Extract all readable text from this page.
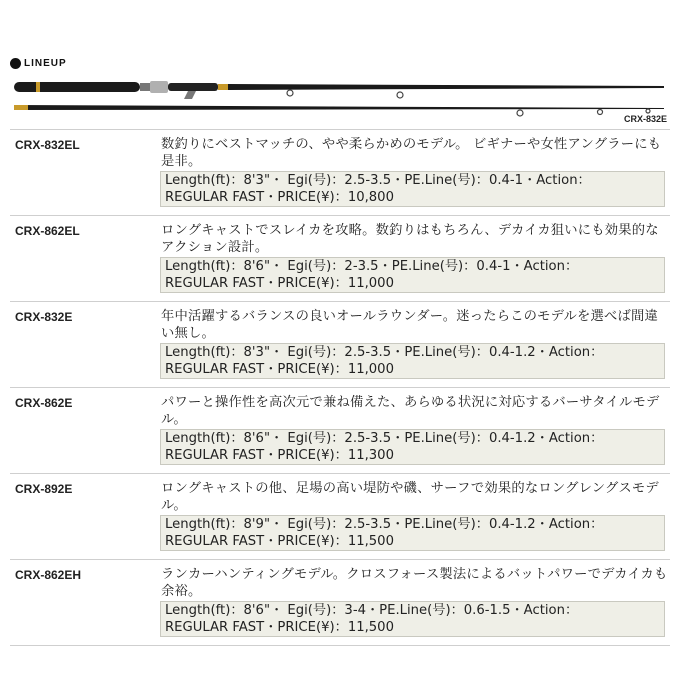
LINEUP
CRX-832E
CRX-832EL	数釣りにベストマッチの、やや柔らかめのモデル。 ビギナーや女性アングラーにも是非。
Length(ft)：8'3"・ Egi(号)：2.5-3.5・PE.Line(号)：0.4-1・Action：
REGULAR FAST・PRICE(¥)：10,800
CRX-862EL	ロングキャストでスレイカを攻略。数釣りはもちろん、デカイカ狙いにも効果的なアクション設計。
Length(ft)：8'6"・ Egi(号)：2-3.5・PE.Line(号)：0.4-1・Action：
REGULAR FAST・PRICE(¥)：11,000
CRX-832E	年中活躍するバランスの良いオールラウンダー。迷ったらこのモデルを選べば間違い無し。
Length(ft)：8'3"・ Egi(号)：2.5-3.5・PE.Line(号)：0.4-1.2・Action：
REGULAR FAST・PRICE(¥)：11,000
CRX-862E	パワーと操作性を高次元で兼ね備えた、あらゆる状況に対応するバーサタイルモデル。
Length(ft)：8'6"・ Egi(号)：2.5-3.5・PE.Line(号)：0.4-1.2・Action：
REGULAR FAST・PRICE(¥)：11,300
CRX-892E	ロングキャストの他、足場の高い堤防や磯、サーフで効果的なロングレングスモデル。
Length(ft)：8'9"・ Egi(号)：2.5-3.5・PE.Line(号)：0.4-1.2・Action：
REGULAR FAST・PRICE(¥)：11,500
CRX-862EH	ランカーハンティングモデル。クロスフォース製法によるバットパワーでデカイカも余裕。
Length(ft)：8'6"・ Egi(号)：3-4・PE.Line(号)：0.6-1.5・Action：
REGULAR FAST・PRICE(¥)：11,500
